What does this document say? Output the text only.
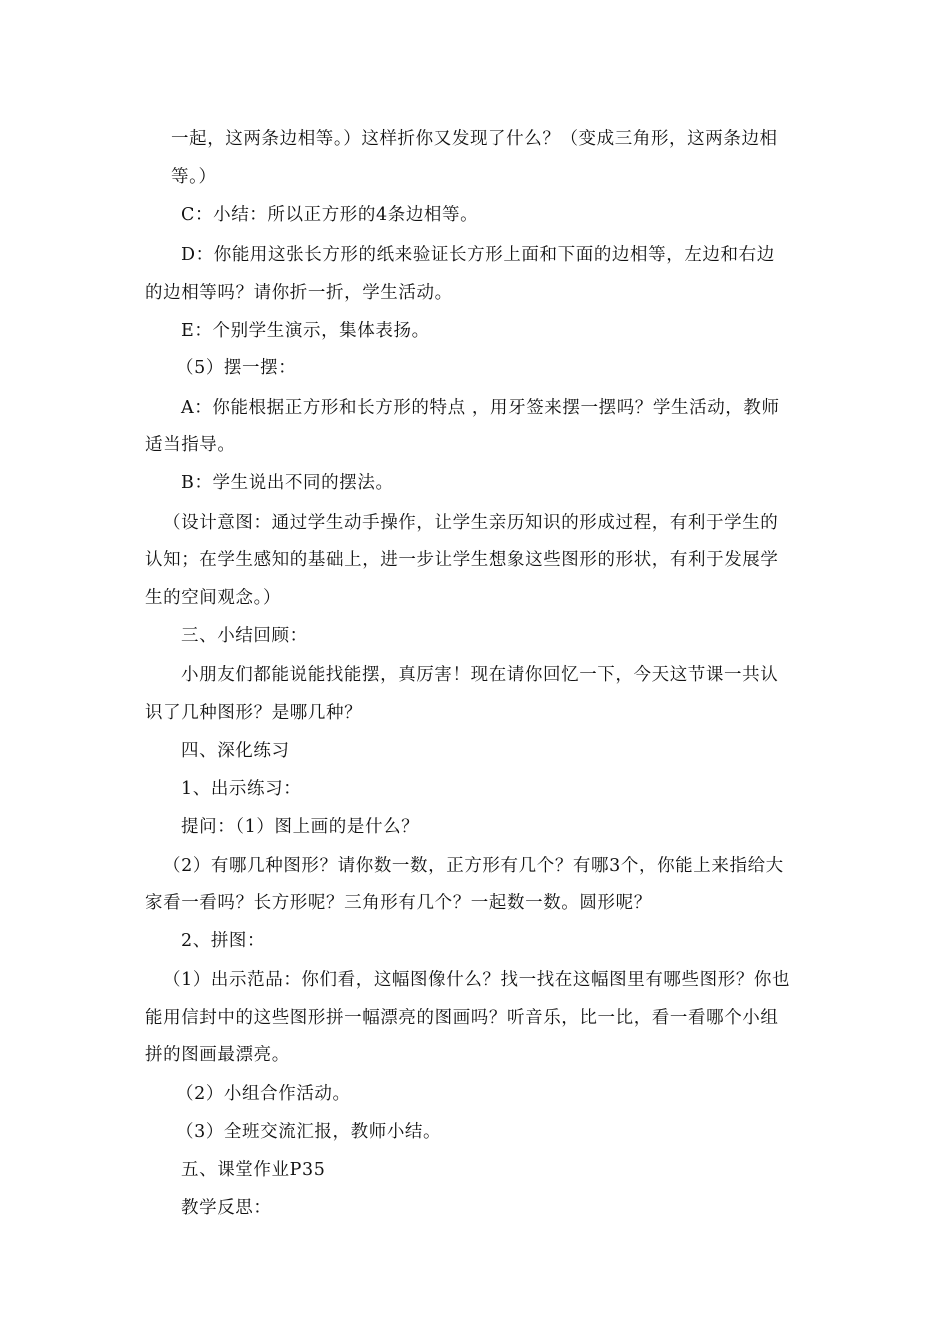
一起，这两条边相等。）这样折你又发现了什么？（变成三角形，这两条边相
等。）
C：小结：所以正方形的4条边相等。
D：你能用这张长方形的纸来验证长方形上面和下面的边相等，左边和右边
的边相等吗？请你折一折，学生活动。
E：个别学生演示，集体表扬。
（5）摆一摆：
A：你能根据正方形和长方形的特点 ，用牙签来摆一摆吗？学生活动，教师
适当指导。
B：学生说出不同的摆法。
（设计意图：通过学生动手操作，让学生亲历知识的形成过程，有利于学生的
认知；在学生感知的基础上，进一步让学生想象这些图形的形状，有利于发展学
生的空间观念。）
三、小结回顾：
小朋友们都能说能找能摆，真厉害！现在请你回忆一下，今天这节课一共认
识了几种图形？是哪几种？
四、深化练习
1、出示练习：
提问：（1）图上画的是什么？
（2）有哪几种图形？请你数一数，正方形有几个？有哪3个，你能上来指给大
家看一看吗？长方形呢？三角形有几个？一起数一数。圆形呢？
2、拼图：
（1）出示范品：你们看，这幅图像什么？找一找在这幅图里有哪些图形？你也
能用信封中的这些图形拼一幅漂亮的图画吗？听音乐，比一比，看一看哪个小组
拼的图画最漂亮。
（2）小组合作活动。
（3）全班交流汇报，教师小结。
五、课堂作业P35
教学反思：
